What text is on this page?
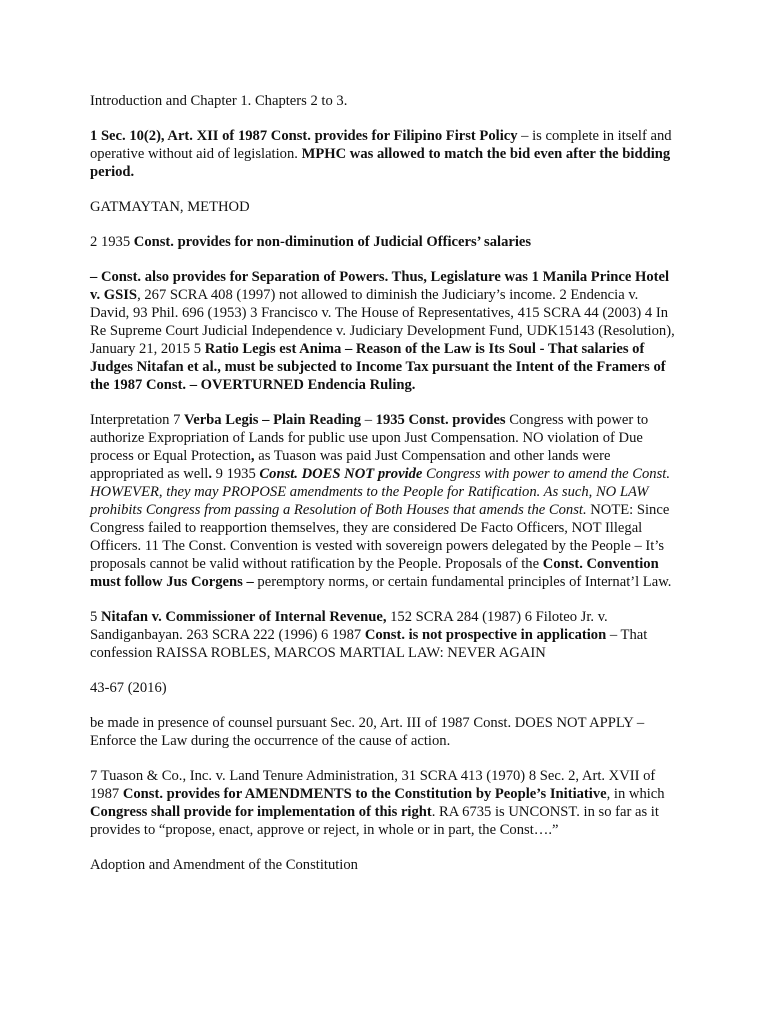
Introduction and Chapter 1. Chapters 2 to 3.

1 Sec. 10(2), Art. XII of 1987 Const. provides for Filipino First Policy – is complete in itself and operative without aid of legislation. MPHC was allowed to match the bid even after the bidding period.

GATMAYTAN, METHOD

2 1935 Const. provides for non-diminution of Judicial Officers’ salaries

– Const. also provides for Separation of Powers. Thus, Legislature was 1 Manila Prince Hotel v. GSIS, 267 SCRA 408 (1997) not allowed to diminish the Judiciary’s income. 2 Endencia v. David, 93 Phil. 696 (1953) 3 Francisco v. The House of Representatives, 415 SCRA 44 (2003) 4 In Re Supreme Court Judicial Independence v. Judiciary Development Fund, UDK15143 (Resolution), January 21, 2015 5 Ratio Legis est Anima – Reason of the Law is Its Soul - That salaries of Judges Nitafan et al., must be subjected to Income Tax pursuant the Intent of the Framers of the 1987 Const. – OVERTURNED Endencia Ruling.

Interpretation 7 Verba Legis – Plain Reading – 1935 Const. provides Congress with power to authorize Expropriation of Lands for public use upon Just Compensation. NO violation of Due process or Equal Protection, as Tuason was paid Just Compensation and other lands were appropriated as well. 9 1935 Const. DOES NOT provide Congress with power to amend the Const. HOWEVER, they may PROPOSE amendments to the People for Ratification. As such, NO LAW prohibits Congress from passing a Resolution of Both Houses that amends the Const. NOTE: Since Congress failed to reapportion themselves, they are considered De Facto Officers, NOT Illegal Officers. 11 The Const. Convention is vested with sovereign powers delegated by the People – It’s proposals cannot be valid without ratification by the People. Proposals of the Const. Convention must follow Jus Corgens – peremptory norms, or certain fundamental principles of Internat’l Law.

5 Nitafan v. Commissioner of Internal Revenue, 152 SCRA 284 (1987) 6 Filoteo Jr. v. Sandiganbayan. 263 SCRA 222 (1996) 6 1987 Const. is not prospective in application – That confession RAISSA ROBLES, MARCOS MARTIAL LAW: NEVER AGAIN

43-67 (2016)

be made in presence of counsel pursuant Sec. 20, Art. III of 1987 Const. DOES NOT APPLY – Enforce the Law during the occurrence of the cause of action.

7 Tuason & Co., Inc. v. Land Tenure Administration, 31 SCRA 413 (1970) 8 Sec. 2, Art. XVII of 1987 Const. provides for AMENDMENTS to the Constitution by People’s Initiative, in which Congress shall provide for implementation of this right. RA 6735 is UNCONST. in so far as it provides to “propose, enact, approve or reject, in whole or in part, the Const….”

Adoption and Amendment of the Constitution
